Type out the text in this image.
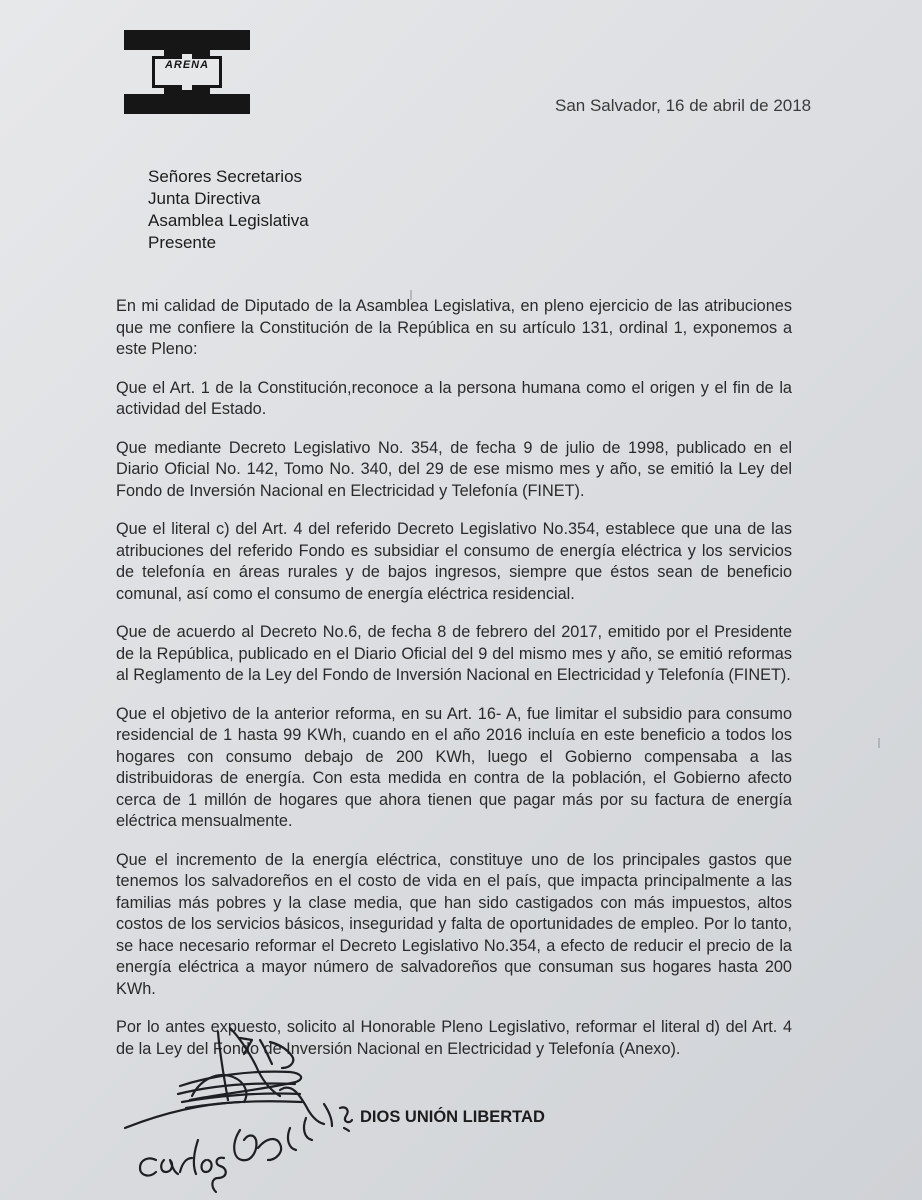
ARENA
San Salvador, 16 de abril de 2018
Señores Secretarios
Junta Directiva
Asamblea Legislativa
Presente

En mi calidad de Diputado de la Asamblea Legislativa, en pleno ejercicio de las atribuciones que me confiere la Constitución de la República en su artículo 131, ordinal 1, exponemos a este Pleno:

Que el Art. 1 de la Constitución,reconoce a la persona humana como el origen y el fin de la actividad del Estado.

Que mediante Decreto Legislativo No. 354, de fecha 9 de julio de 1998, publicado en el Diario Oficial No. 142, Tomo No. 340, del 29 de ese mismo mes y año, se emitió la Ley del Fondo de Inversión Nacional en Electricidad y Telefonía (FINET).

Que el literal c) del Art. 4 del referido Decreto Legislativo No.354, establece que una de las atribuciones del referido Fondo es subsidiar el consumo de energía eléctrica y los servicios de telefonía en áreas rurales y de bajos ingresos, siempre que éstos sean de beneficio comunal, así como el consumo de energía eléctrica residencial.

Que de acuerdo al Decreto No.6, de fecha 8 de febrero del 2017, emitido por el Presidente de la República, publicado en el Diario Oficial del 9 del mismo mes y año, se emitió reformas al Reglamento de la Ley del Fondo de Inversión Nacional en Electricidad y Telefonía (FINET).

Que el objetivo de la anterior reforma, en su Art. 16- A, fue limitar el subsidio para consumo residencial de 1 hasta 99 KWh, cuando en el año 2016 incluía en este beneficio a todos los hogares con consumo debajo de 200 KWh, luego el Gobierno compensaba a las distribuidoras de energía. Con esta medida en contra de la población, el Gobierno afecto cerca de 1 millón de hogares que ahora tienen que pagar más por su factura de energía eléctrica mensualmente.

Que el incremento de la energía eléctrica, constituye uno de los principales gastos que tenemos los salvadoreños en el costo de vida en el país, que impacta principalmente a las familias más pobres y la clase media, que han sido castigados con más impuestos, altos costos de los servicios básicos, inseguridad y falta de oportunidades de empleo. Por lo tanto, se hace necesario reformar el Decreto Legislativo No.354, a efecto de reducir el precio de la energía eléctrica a mayor número de salvadoreños que consuman sus hogares hasta 200 KWh.

Por lo antes expuesto, solicito al Honorable Pleno Legislativo, reformar el literal d) del Art. 4 de la Ley del Fondo de Inversión Nacional en Electricidad y Telefonía (Anexo).

DIOS UNIÓN LIBERTAD
